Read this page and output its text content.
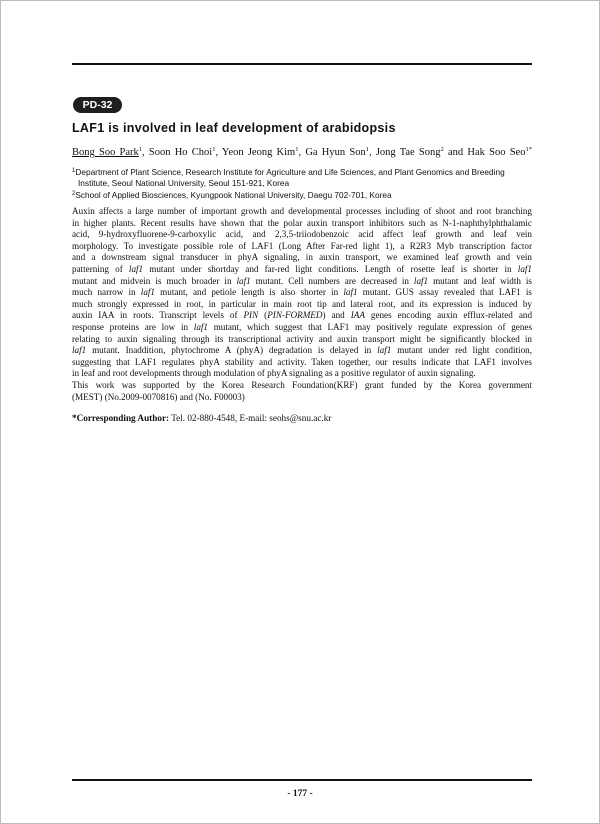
PD-32
LAF1 is involved in leaf development of arabidopsis
Bong Soo Park$^1$, Soon Ho Choi$^1$, Yeon Jeong Kim$^1$, Ga Hyun Son$^1$, Jong Tae Song$^2$ and Hak Soo Seo$^{1*}$
$^1$Department of Plant Science, Research Institute for Agriculture and Life Sciences, and Plant Genomics and Breeding
Institute, Seoul National University, Seoul 151-921, Korea
$^2$School of Applied Biosciences, Kyungpook National University, Daegu 702-701, Korea
Auxin affects a large number of important growth and developmental processes including of shoot and root branching
in higher plants. Recent results have shown that the polar auxin transport inhibitors such as N-1-naphthylphthalamic
acid, 9-hydroxyfluorene-9-carboxylic acid, and 2,3,5-triiodobenzoic acid affect leaf growth and leaf vein
morphology. To investigate possible role of LAF1 (Long After Far-red light 1), a R2R3 Myb transcription factor
and a downstream signal transducer in phyA signaling, in auxin transport, we examined leaf growth and vein
patterning of laf1 mutant under shortday and far-red light conditions. Length of rosette leaf is shorter in laf1
mutant and midvein is much broader in laf1 mutant. Cell numbers are decreased in laf1 mutant and leaf width is
much narrow in laf1 mutant, and petiole length is also shorter in laf1 mutant. GUS assay revealed that LAF1 is
much strongly expressed in root, in particular in main root tip and lateral root, and its expression is induced by
auxin IAA in roots. Transcript levels of PIN (PIN-FORMED) and IAA genes encoding auxin efflux-related and
response proteins are low in laf1 mutant, which suggest that LAF1 may positively regulate expression of genes
relating to auxin signaling through its transcriptional activity and auxin transport might be significantly blocked in
laf1 mutant. Inaddition, phytochrome A (phyA) degradation is delayed in laf1 mutant under red light condition,
suggesting that LAF1 regulates phyA stability and activity. Taken together, our results indicate that LAF1 involves
in leaf and root developments through modulation of phyA signaling as a positive regulator of auxin signaling.
This work was supported by the Korea Research Foundation(KRF) grant funded by the Korea government
(MEST) (No.2009-0070816) and (No. F00003)
*Corresponding Author: Tel. 02-880-4548, E-mail: seohs@snu.ac.kr
- 177 -
